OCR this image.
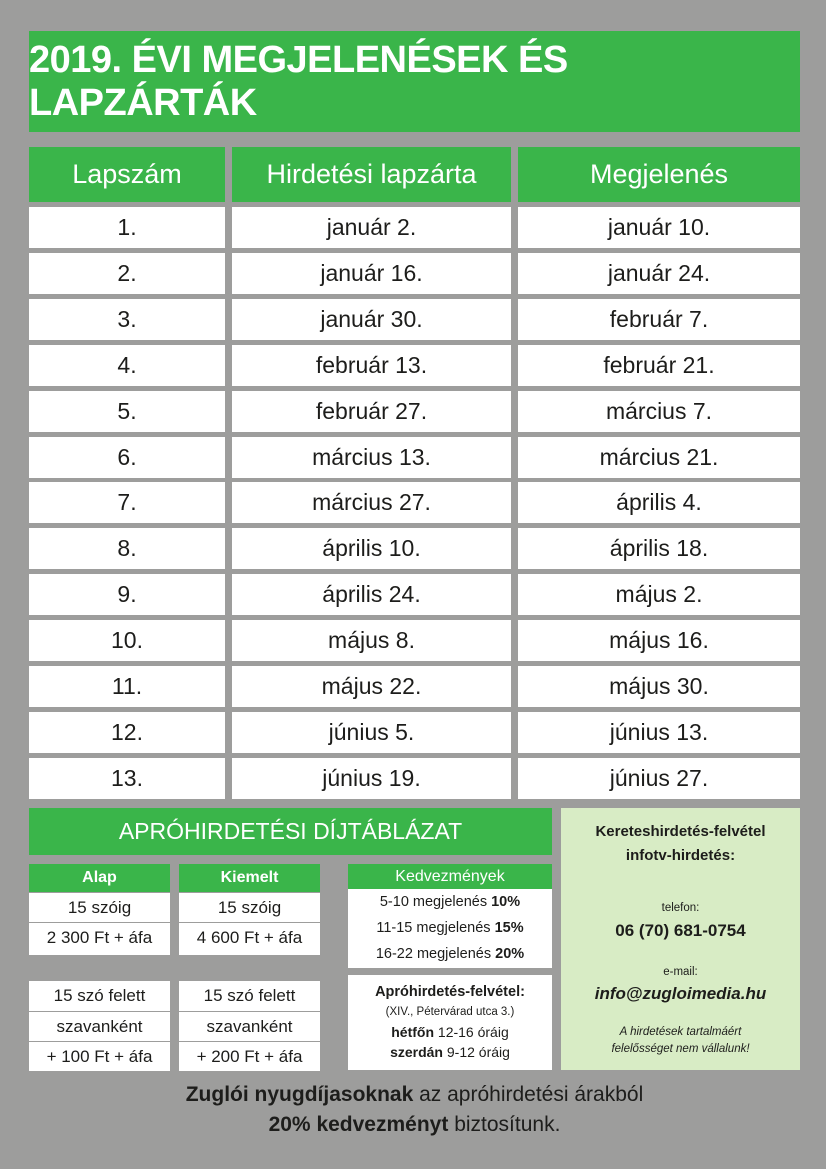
2019. ÉVI MEGJELENÉSEK ÉS LAPZÁRTÁK
Lapszám	Hirdetési lapzárta	Megjelenés
1.	január 2.	január 10.
2.	január 16.	január 24.
3.	január 30.	február 7.
4.	február 13.	február 21.
5.	február 27.	március 7.
6.	március 13.	március 21.
7.	március 27.	április 4.
8.	április 10.	április 18.
9.	április 24.	május 2.
10.	május 8.	május 16.
11.	május 22.	május 30.
12.	június 5.	június 13.
13.	június 19.	június 27.
APRÓHIRDETÉSI DÍJTÁBLÁZAT
Alap
15 szóig
2 300 Ft + áfa
Kiemelt
15 szóig
4 600 Ft + áfa
15 szó felett
szavanként
+ 100 Ft + áfa
15 szó felett
szavanként
+ 200 Ft + áfa
Kedvezmények
5-10 megjelenés
10%
11-15 megjelenés
15%
16-22 megjelenés
20%
Apróhirdetés-felvétel:
(XIV., Pétervárad utca 3.)
hétfőn 12-16 óráig
szerdán 9-12 óráig
Kereteshirdetés-felvétel
infotv-hirdetés:
telefon:
06 (70) 681-0754
e-mail:
info@zugloimedia.hu
A hirdetések tartalmáért
felelősséget nem vállalunk!
Zuglói nyugdíjasoknak az apróhirdetési árakból
20% kedvezményt biztosítunk.
